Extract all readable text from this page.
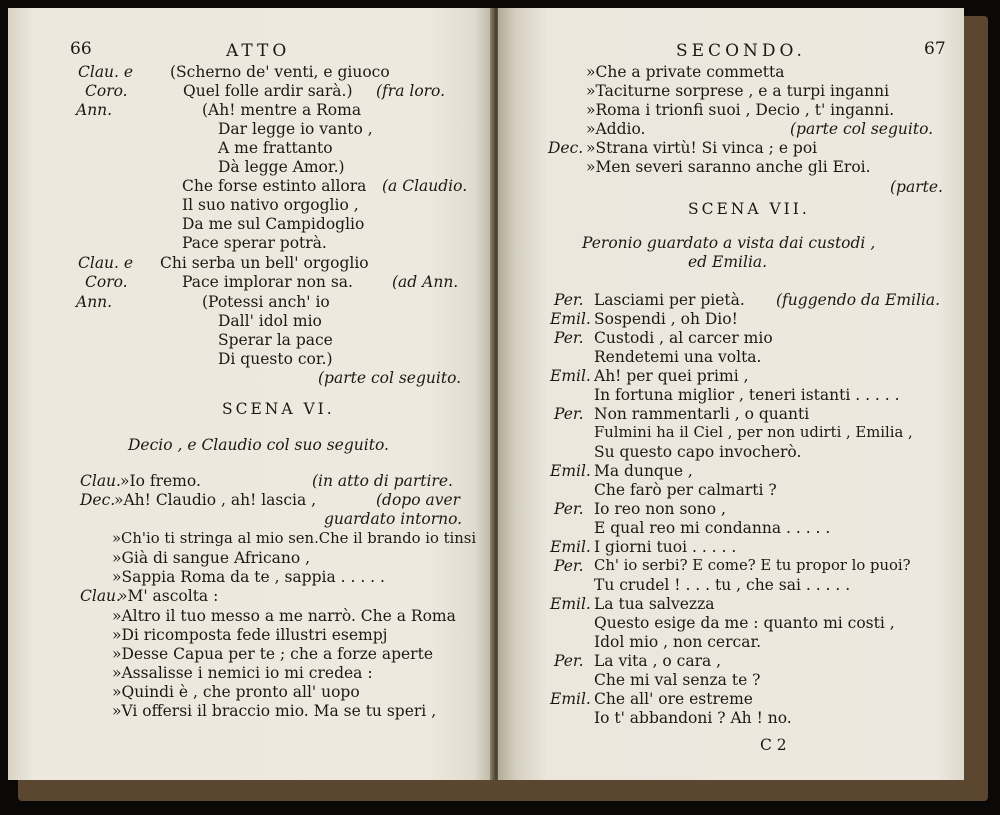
66	ATTO
Clau. e (Scherno de' venti, e giuoco
Coro.	Quel folle ardir sarà.) (fra loro.
Ann.	(Ah! mentre a Roma
Dar legge io vanto ,
A me frattanto
Dà legge Amor.)
Che forse estinto allora (a Claudio.
Il suo nativo orgoglio ,
Da me sul Campidoglio
Pace sperar potrà.
Clau. e Chi serba un bell' orgoglio
Coro.	Pace implorar non sa.	(ad Ann.
Ann.	(Potessi anch' io
Dall' idol mio
Sperar la pace
Di questo cor.)
(parte col seguito.
SCENA VI.
Decio , e Claudio col suo seguito.
Clau. »Io fremo.	(in atto di partire.
Dec.
»Ah! Claudio , ah! lascia ,	(dopo aver
guardato intorno.
»Ch'io ti stringa al mio sen.Che il brando io tinsi
»Già di sangue Africano ,
»Sappia Roma da te , sappia . . . . .
Clau.
»M' ascolta :
»Altro il tuo messo a me narrò. Che a Roma
»Di ricomposta fede illustri esempj
»Desse Capua per te ; che a forze aperte
»Assalisse i nemici io mi credea :
»Quindi è , che pronto all' uopo
»Vi offersi il braccio mio. Ma se tu speri ,
SECONDO.	67
»Che a private commetta
»Taciturne sorprese , e a turpi inganni
»Roma i trionfi suoi , Decio , t' inganni.
»Addio.	(parte col seguito.
Dec. »Strana virtù! Si vinca ; e poi
»Men severi saranno anche gli Eroi.
(parte.
SCENA VII.
Peronio guardato a vista dai custodi ,
ed Emilia.
Per. Lasciami per pietà. (fuggendo da Emilia.
Emil. Sospendi , oh Dio!
Per. Custodi , al carcer mio
Rendetemi una volta.
Emil. Ah! per quei primi ,
In fortuna miglior , teneri istanti . . . . .
Per. Non rammentarli , o quanti
Fulmini ha il Ciel , per non udirti , Emilia ,
Su questo capo invocherò.
Emil. Ma dunque ,
Che farò per calmarti ?
Per. Io reo non sono ,
E qual reo mi condanna . . . . .
Emil. I giorni tuoi . . . . .
Per. Ch' io serbi? E come? E tu propor lo puoi?
Tu crudel ! . . . tu , che sai . . . . .
Emil. La tua salvezza
Questo esige da me : quanto mi costi ,
Idol mio , non cercar.
Per. La vita , o cara ,
Che mi val senza te ?
Emil. Che all' ore estreme
Io t' abbandoni ? Ah ! no.
C 2
